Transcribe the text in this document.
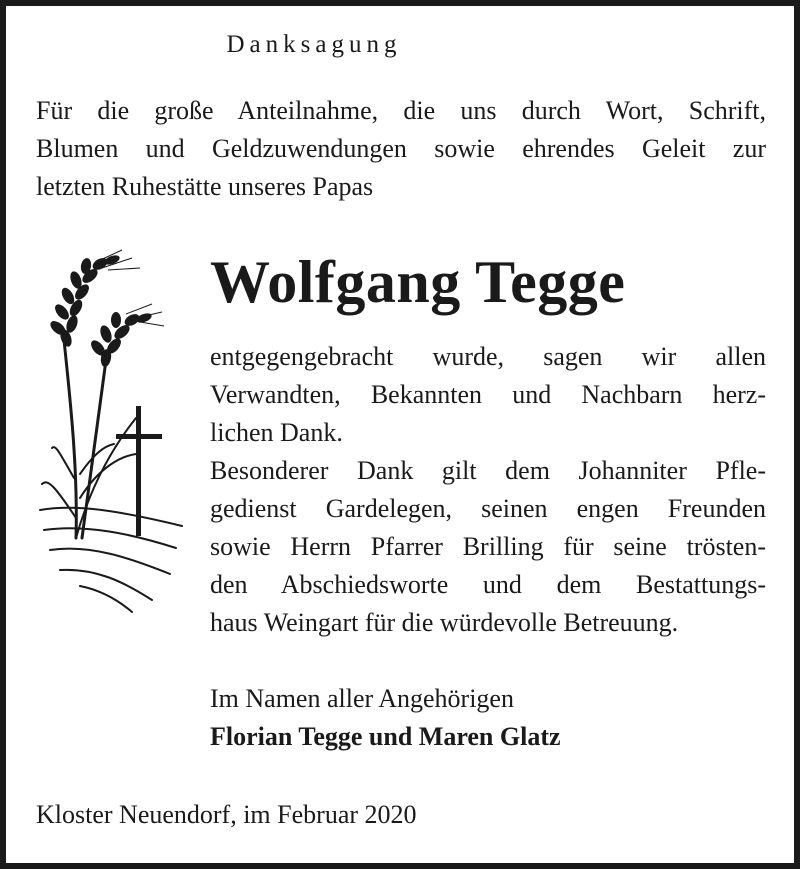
Danksagung
Für die große Anteilnahme, die uns durch Wort, Schrift,
Blumen und Geldzuwendungen sowie ehrendes Geleit zur
letzten Ruhestätte unseres Papas
Wolfgang Tegge
entgegengebracht wurde, sagen wir allen
Verwandten, Bekannten und Nachbarn herz-
lichen Dank.
Besonderer Dank gilt dem Johanniter Pfle-
gedienst Gardelegen, seinen engen Freunden
sowie Herrn Pfarrer Brilling für seine trösten-
den Abschiedsworte und dem Bestattungs-
haus Weingart für die würdevolle Betreuung.
Im Namen aller Angehörigen
Florian Tegge und Maren Glatz
Kloster Neuendorf, im Februar 2020
